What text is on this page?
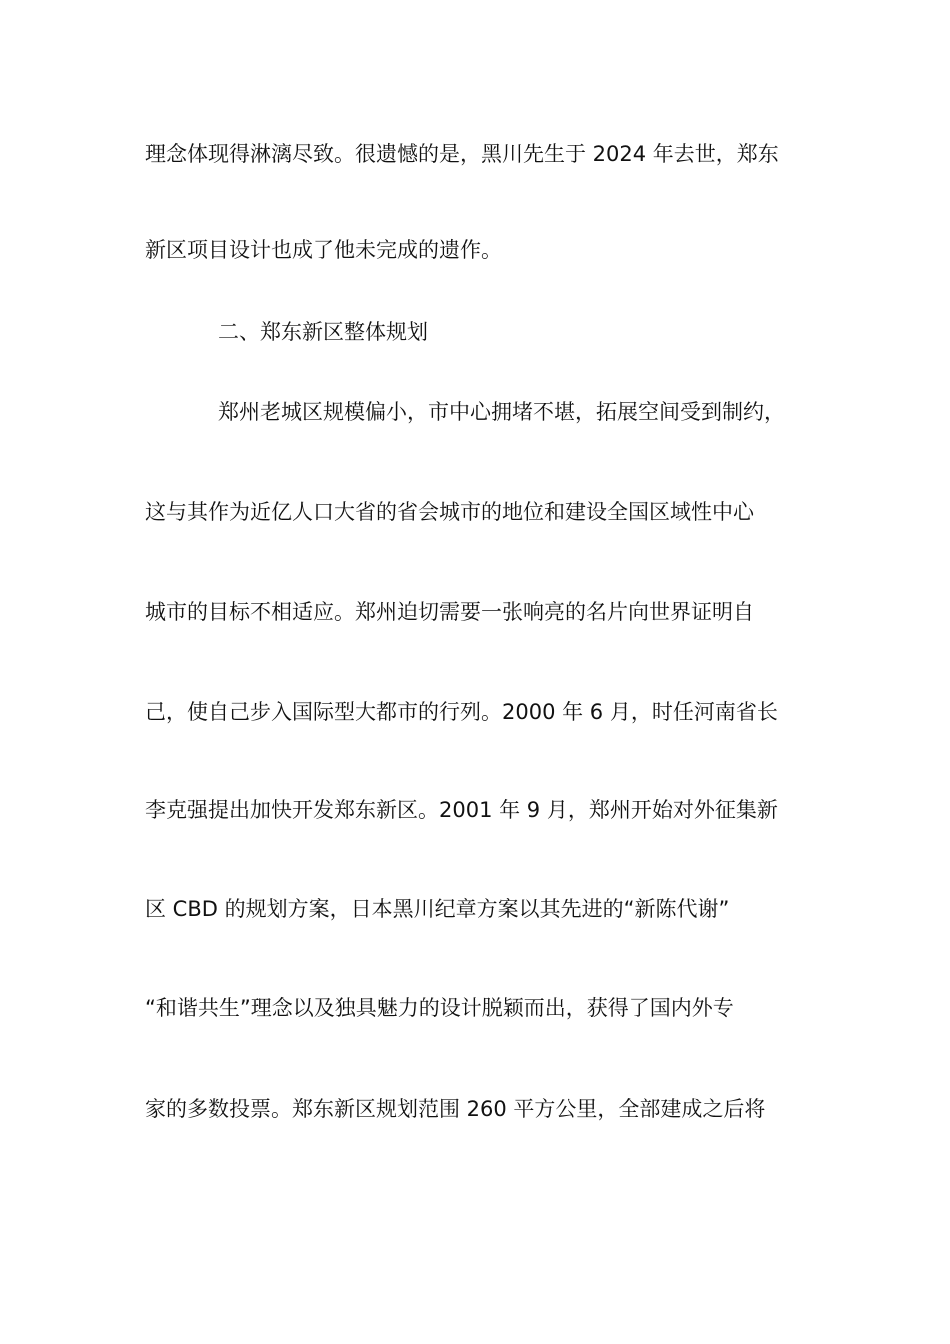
理念体现得淋漓尽致。很遗憾的是，黑川先生于 2024 年去世，郑东
新区项目设计也成了他未完成的遗作。
二、郑东新区整体规划
郑州老城区规模偏小，市中心拥堵不堪，拓展空间受到制约，
这与其作为近亿人口大省的省会城市的地位和建设全国区域性中心
城市的目标不相适应。郑州迫切需要一张响亮的名片向世界证明自
己，使自己步入国际型大都市的行列。2000 年 6 月，时任河南省长
李克强提出加快开发郑东新区。2001 年 9 月，郑州开始对外征集新
区 CBD 的规划方案，日本黑川纪章方案以其先进的“新陈代谢”
“和谐共生”理念以及独具魅力的设计脱颖而出，获得了国内外专
家的多数投票。郑东新区规划范围 260 平方公里，全部建成之后将
